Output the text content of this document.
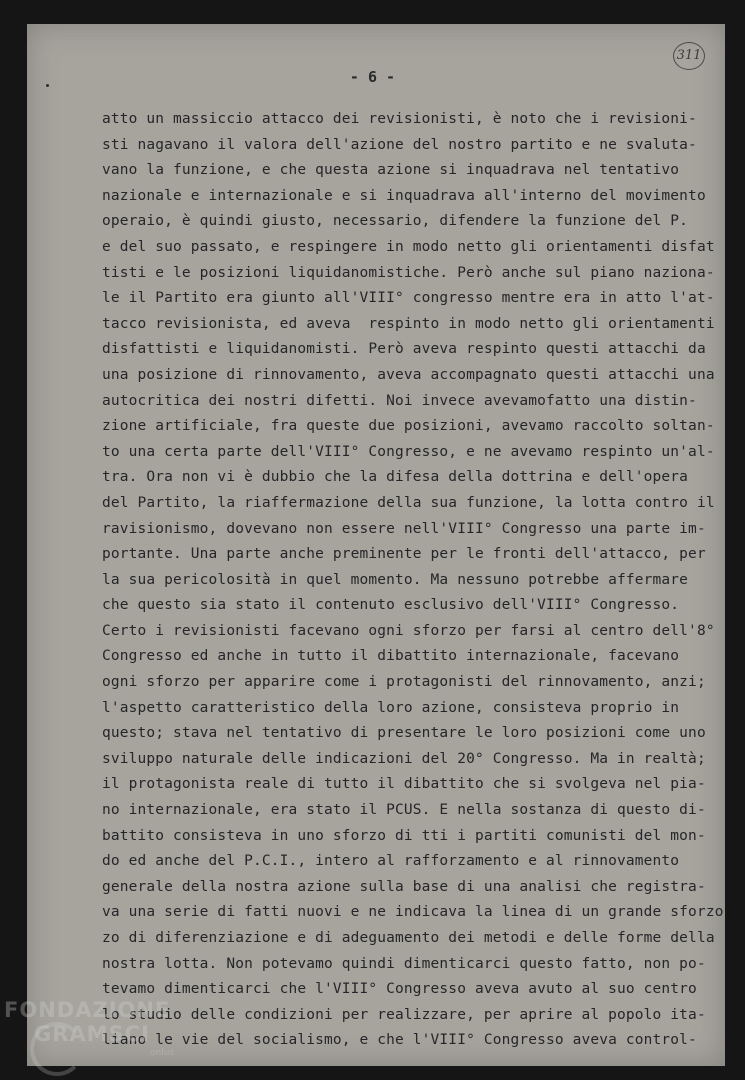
311
- 6 -
atto un massiccio attacco dei revisionisti, è noto che i revisioni-
sti nagavano il valora dell'azione del nostro partito e ne svaluta-
vano la funzione, e che questa azione si inquadrava nel tentativo
nazionale e internazionale e si inquadrava all'interno del movimento
operaio, è quindi giusto, necessario, difendere la funzione del P.
e del suo passato, e respingere in modo netto gli orientamenti disfat
tisti e le posizioni liquidanomistiche. Però anche sul piano naziona-
le il Partito era giunto all'VIII° congresso mentre era in atto l'at-
tacco revisionista, ed aveva  respinto in modo netto gli orientamenti
disfattisti e liquidanomisti. Però aveva respinto questi attacchi da
una posizione di rinnovamento, aveva accompagnato questi attacchi una
autocritica dei nostri difetti. Noi invece avevamofatto una distin-
zione artificiale, fra queste due posizioni, avevamo raccolto soltan-
to una certa parte dell'VIII° Congresso, e ne avevamo respinto un'al-
tra. Ora non vi è dubbio che la difesa della dottrina e dell'opera
del Partito, la riaffermazione della sua funzione, la lotta contro il
ravisionismo, dovevano non essere nell'VIII° Congresso una parte im-
portante. Una parte anche preminente per le fronti dell'attacco, per
la sua pericolosità in quel momento. Ma nessuno potrebbe affermare
che questo sia stato il contenuto esclusivo dell'VIII° Congresso.
Certo i revisionisti facevano ogni sforzo per farsi al centro dell'8°
Congresso ed anche in tutto il dibattito internazionale, facevano
ogni sforzo per apparire come i protagonisti del rinnovamento, anzi;
l'aspetto caratteristico della loro azione, consisteva proprio in
questo; stava nel tentativo di presentare le loro posizioni come uno
sviluppo naturale delle indicazioni del 20° Congresso. Ma in realtà;
il protagonista reale di tutto il dibattito che si svolgeva nel pia-
no internazionale, era stato il PCUS. E nella sostanza di questo di-
battito consisteva in uno sforzo di tti i partiti comunisti del mon-
do ed anche del P.C.I., intero al rafforzamento e al rinnovamento
generale della nostra azione sulla base di una analisi che registra-
va una serie di fatti nuovi e ne indicava la linea di un grande sforzo
zo di diferenziazione e di adeguamento dei metodi e delle forme della
nostra lotta. Non potevamo quindi dimenticarci questo fatto, non po-
tevamo dimenticarci che l'VIII° Congresso aveva avuto al suo centro
lo studio delle condizioni per realizzare, per aprire al popolo ita-
liano le vie del socialismo, e che l'VIII° Congresso aveva control-
FONDAZIONE
GRAMSCI
onlus
